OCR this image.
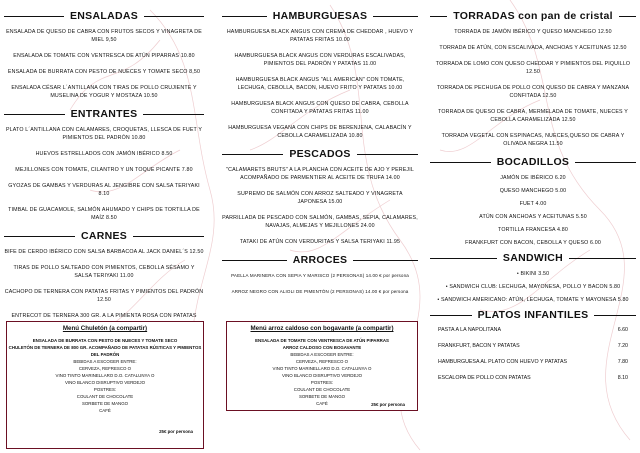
ENSALADAS
ENSALADA DE QUESO DE CABRA CON FRUTOS SECOS Y VINAGRETA DE MIEL 9,50
ENSALADA DE TOMATE CON VENTRESCA DE ATÚN PIPARRAS 10.80
ENSALADA DE BURRATA CON PESTO DE NUECES Y TOMATE SECO 8,50
ENSALADA CÉSAR L´ANTILLANA CON TIRAS DE POLLO CRUJIENTE Y MUSELINA DE YOGUR Y MOSTAZA 10.50
ENTRANTES
PLATO L´ANTILLANA CON CALAMARES, CROQUETAS, LLESCA DE FUET Y PIMIENTOS DEL PADRÓN 10.80
HUEVOS ESTRELLADOS CON JAMÓN IBÉRICO 8.50
MEJILLONES CON TOMATE, CILANTRO Y UN TOQUE PICANTE 7.80
GYOZAS DE GAMBAS Y VERDURAS AL JENGIBRE CON SALSA TERIYAKI 8.10
TIMBAL DE GUACAMOLE, SALMÓN AHUMADO Y CHIPS DE TORTILLA DE MAÍZ 8.50
CARNES
BIFE DE CERDO IBÉRICO CON SALSA BARBACOA AL JACK DANIEL´S 12.50
TIRAS DE POLLO SALTEADO CON PIMIENTOS, CEBOLLA SÉSAMO Y SALSA TERIYAKI 11.00
CACHOPO DE TERNERA CON PATATAS FRITAS Y PIMIENTOS DEL PADRÓN 12.50
ENTRECOT DE TERNERA 300 GR. A LA PIMIENTA ROSA CON PATATAS
Menú Chuletón (a compartir)
ENSALADA DE BURRATA CON PESTO DE NUECES Y TOMATE SECO
CHULETÓN DE TERNERA DE 800 GR. ACOMPAÑADO DE PATATAS RÚSTICAS Y PIMIENTOS DEL PADRÓN
BEBIDAS A ESCOGER ENTRE:
CERVEZA, REFRESCO O
VINO TINTO MARINELLARO D.O. CATALUNYA O
VINO BLANCO DISRUPTIVO VERDEJO
POSTRES:
COULANT DE CHOCOLATE
SORBETE DE MANGO
CAFÉ
25€ por persona
HAMBURGUESAS
HAMBURGUESA BLACK ANGUS CON CREMA DE CHEDDAR , HUEVO Y PATATAS FRITAS 10.00
HAMBURGUESA BLACK ANGUS CON VERDURAS ESCALIVADAS, PIMIENTOS DEL PADRÓN Y PATATAS 11.00
HAMBURGUESA BLACK ANGUS "ALL AMERICAN" CON TOMATE, LECHUGA, CEBOLLA, BACON, HUEVO FRITO Y PATATAS 10.00
HAMBURGUESA BLACK ANGUS CON QUESO DE CABRA, CEBOLLA CONFITADA Y PATATAS FRITAS 11.00
HAMBURGUESA VEGANA CON CHIPS DE BERENJENA, CALABACÍN Y CEBOLLA CARAMELIZADA 10.80
PESCADOS
"CALAMARETS BRUTS" A LA PLANCHA CON ACEITE DE AJO Y PEREJIL ACOMPAÑADO DE PARMENTIER AL ACEITE DE TRUFA 14.00
SUPREMO DE SALMÓN CON ARROZ SALTEADO Y VINAGRETA JAPONESA 15.00
PARRILLADA DE PESCADO CON SALMÓN, GAMBAS, SEPIA, CALAMARES, NAVAJAS, ALMEJAS Y MEJILLONES 24.00
TATAKI DE ATÚN CON VERDURITAS Y SALSA TERIYAKI 11.95
ARROCES
PAELLA MARINERA CON SEPIA Y MARISCO (2 PERSONAS) 14.00 € por persona
ARROZ NEGRO CON ALIOLI DE PIMENTÓN (2 PERSONAS) 14.00 € por persona
Menú arroz caldoso con bogavante (a compartir)
ENSALADA DE TOMATE CON VENTRESCA DE ATÚN PIPARRAS
ARROZ CALDOSO CON BOGAVANTE
BEBIDAS A ESCOGER ENTRE:
CERVEZA, REFRESCO O
VINO TINTO MARINELLARO D.O. CATALUNYA O
VINO BLANCO DISRUPTIVO VERDEJO
POSTRES:
COULANT DE CHOCOLATE
SORBETE DE MANGO
CAFÉ	25€ por persona
TORRADAS con pan de cristal
TORRADA DE JAMÓN IBÉRICO Y QUESO MANCHEGO 12.50
TORRADA DE ATÚN, CON ESCALIVADA, ANCHOAS Y ACEITUNAS 12.50
TORRADA DE LOMO CON QUESO CHEDDAR Y PIMIENTOS DEL PIQUILLO 12.50
TORRADA DE PECHUGA DE POLLO CON QUESO DE CABRA Y MANZANA CONFITADA 12.50
TORRADA DE QUESO DE CABRA, MERMELADA DE TOMATE, NUECES Y CEBOLLA CARAMELIZADA 12.50
TORRADA VEGETAL CON ESPINACAS, NUECES,QUESO DE CABRA Y OLIVADA NEGRA 11.50
BOCADILLOS
JAMÓN DE IBÉRICO 6.20
QUESO MANCHEGO 5.00
FUET 4.00
ATÚN CON ANCHOAS Y ACEITUNAS 5.50
TORTILLA FRANCESA 4.80
FRANKFURT CON BACON, CEBOLLA Y QUESO 6.00
SANDWICH
• BIKINI 3.50
• SANDWICH CLUB: LECHUGA, MAYONESA, POLLO Y BACON 5.80
• SANDWICH AMERICANO: ATÚN, LECHUGA, TOMATE Y MAYONESA 5.80
PLATOS INFANTILES
PASTA A LA NAPOLITANA	6.60
FRANKFURT, BACON Y PATATAS	7.20
HAMBURGUESA AL PLATO CON HUEVO Y PATATAS	7.80
ESCALOPA DE POLLO CON PATATAS	8.10
